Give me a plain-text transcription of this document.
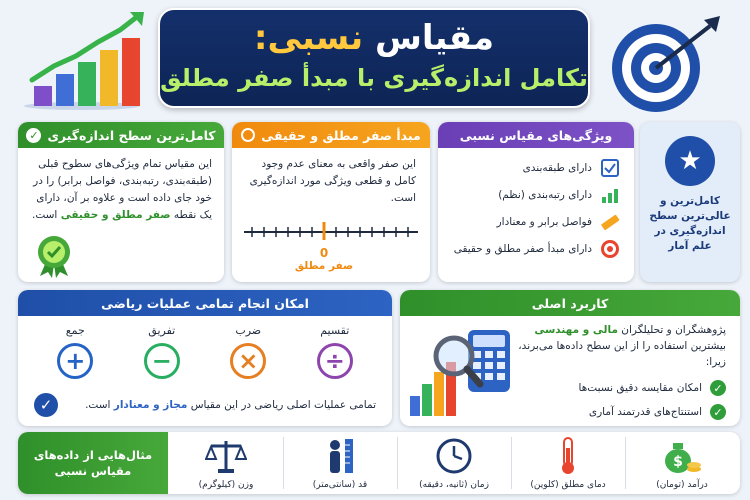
مقیاس نسبی:
تکامل اندازه‌گیری با مبدأ صفر مطلق
★
کامل‌ترین و عالی‌ترین سطح اندازه‌گیری در علم آمار
ویژگی‌های مقیاس نسبی
دارای طبقه‌بندی
دارای رتبه‌بندی (نظم)
فواصل برابر و معنادار
دارای مبدأ صفر مطلق و حقیقی
مبدأ صفر مطلق و حقیقی
این صفر واقعی به معنای عدم وجود کامل و قطعی ویژگی مورد اندازه‌گیری است.
0
صفر مطلق
کامل‌ترین سطح اندازه‌گیری
✓
این مقیاس تمام ویژگی‌های سطوح قبلی (طبقه‌بندی، رتبه‌بندی، فواصل برابر) را در خود جای داده است و علاوه بر آن، دارای یک نقطه صفر مطلق و حقیقی است.
کاربرد اصلی
پژوهشگران و تحلیلگران مالی و مهندسی بیشترین استفاده را از این سطح داده‌ها می‌برند، زیرا:
✓
امکان مقایسه دقیق نسبت‌ها
✓
استنتاج‌های قدرتمند آماری
امکان انجام تمامی عملیات ریاضی
تقسیم
÷
ضرب
×
تفریق
−
جمع
+
تمامی عملیات اصلی ریاضی در این مقیاس مجاز و معنادار است.
✓
مثال‌هایی از داده‌های مقیاس نسبی
$
درآمد (تومان)
دمای مطلق (کلوین)
زمان (ثانیه، دقیقه)
قد (سانتی‌متر)
وزن (کیلوگرم)
